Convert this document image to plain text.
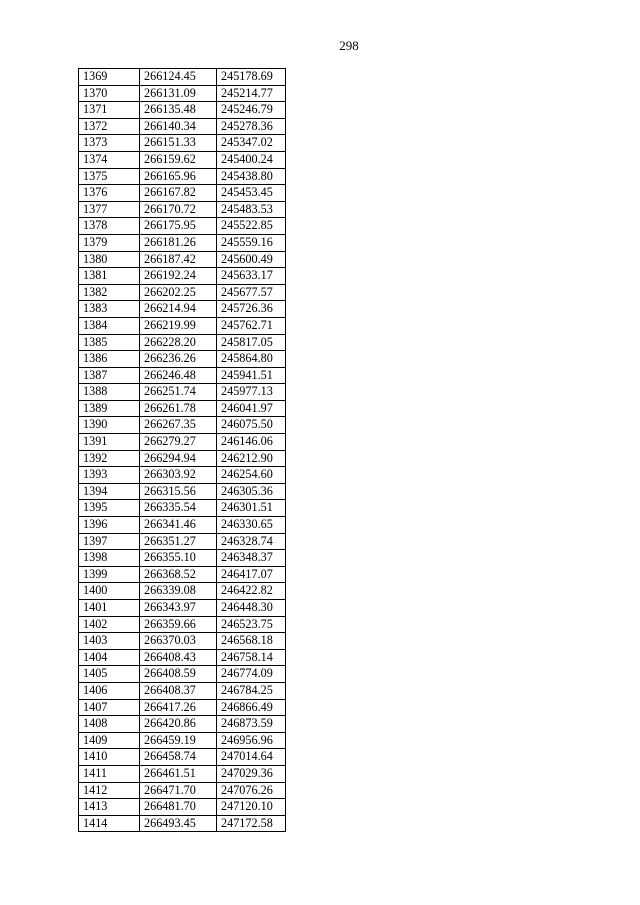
298
1369	266124.45	245178.69
1370	266131.09	245214.77
1371	266135.48	245246.79
1372	266140.34	245278.36
1373	266151.33	245347.02
1374	266159.62	245400.24
1375	266165.96	245438.80
1376	266167.82	245453.45
1377	266170.72	245483.53
1378	266175.95	245522.85
1379	266181.26	245559.16
1380	266187.42	245600.49
1381	266192.24	245633.17
1382	266202.25	245677.57
1383	266214.94	245726.36
1384	266219.99	245762.71
1385	266228.20	245817.05
1386	266236.26	245864.80
1387	266246.48	245941.51
1388	266251.74	245977.13
1389	266261.78	246041.97
1390	266267.35	246075.50
1391	266279.27	246146.06
1392	266294.94	246212.90
1393	266303.92	246254.60
1394	266315.56	246305.36
1395	266335.54	246301.51
1396	266341.46	246330.65
1397	266351.27	246328.74
1398	266355.10	246348.37
1399	266368.52	246417.07
1400	266339.08	246422.82
1401	266343.97	246448.30
1402	266359.66	246523.75
1403	266370.03	246568.18
1404	266408.43	246758.14
1405	266408.59	246774.09
1406	266408.37	246784.25
1407	266417.26	246866.49
1408	266420.86	246873.59
1409	266459.19	246956.96
1410	266458.74	247014.64
1411	266461.51	247029.36
1412	266471.70	247076.26
1413	266481.70	247120.10
1414	266493.45	247172.58
